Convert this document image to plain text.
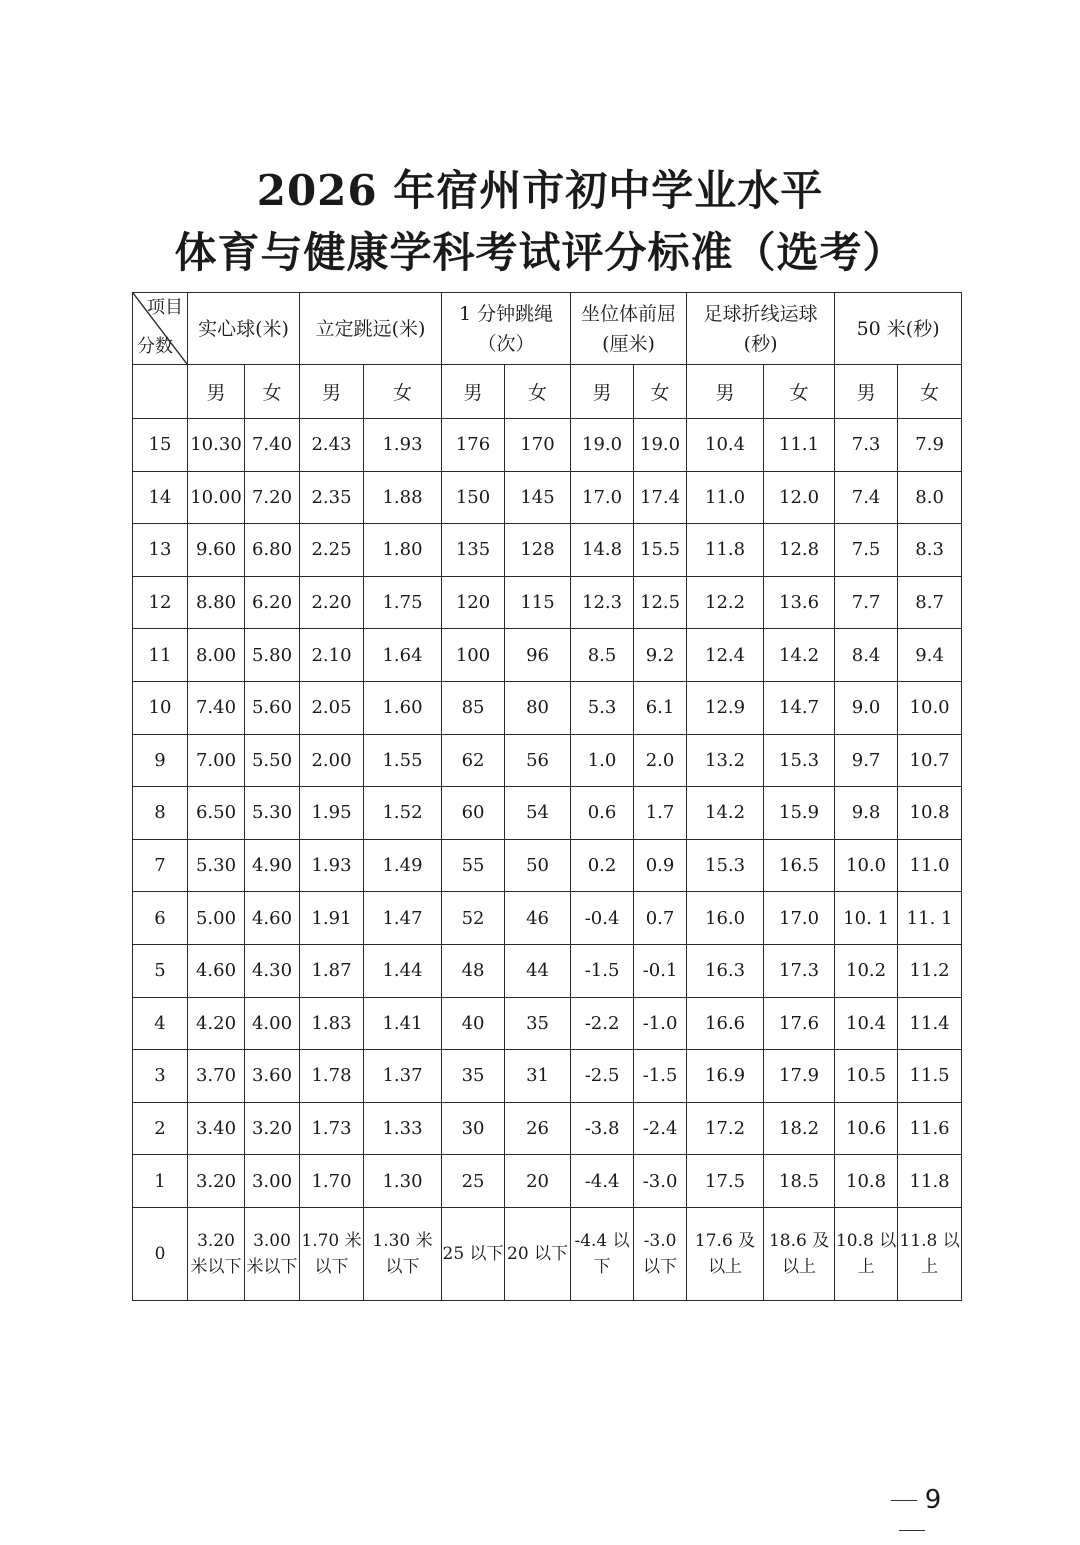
2026 年宿州市初中学业水平
体育与健康学科考试评分标准（选考）
项目
分数	实心球(米)		立定跳远(米)		1 分钟跳绳（次）		坐位体前屈(厘米)		足球折线运球(秒)		50 米(秒)	
	男	女	男	女	男	女	男	女	男	女	男	女
15	10.30	7.40	2.43	1.93	176	170	19.0	19.0	10.4	11.1	7.3	7.9
14	10.00	7.20	2.35	1.88	150	145	17.0	17.4	11.0	12.0	7.4	8.0
13	9.60	6.80	2.25	1.80	135	128	14.8	15.5	11.8	12.8	7.5	8.3
12	8.80	6.20	2.20	1.75	120	115	12.3	12.5	12.2	13.6	7.7	8.7
11	8.00	5.80	2.10	1.64	100	96	8.5	9.2	12.4	14.2	8.4	9.4
10	7.40	5.60	2.05	1.60	85	80	5.3	6.1	12.9	14.7	9.0	10.0
9	7.00	5.50	2.00	1.55	62	56	1.0	2.0	13.2	15.3	9.7	10.7
8	6.50	5.30	1.95	1.52	60	54	0.6	1.7	14.2	15.9	9.8	10.8
7	5.30	4.90	1.93	1.49	55	50	0.2	0.9	15.3	16.5	10.0	11.0
6	5.00	4.60	1.91	1.47	52	46	-0.4	0.7	16.0	17.0	10. 1	11. 1
5	4.60	4.30	1.87	1.44	48	44	-1.5	-0.1	16.3	17.3	10.2	11.2
4	4.20	4.00	1.83	1.41	40	35	-2.2	-1.0	16.6	17.6	10.4	11.4
3	3.70	3.60	1.78	1.37	35	31	-2.5	-1.5	16.9	17.9	10.5	11.5
2	3.40	3.20	1.73	1.33	30	26	-3.8	-2.4	17.2	18.2	10.6	11.6
1	3.20	3.00	1.70	1.30	25	20	-4.4	-3.0	17.5	18.5	10.8	11.8
0	3.20 米以下	3.00 米以下	1.70 米以下	1.30 米以下	25 以下	20 以下	-4.4 以下	-3.0 以下	17.6 及以上	18.6 及以上	10.8 以上	11.8 以上
9
